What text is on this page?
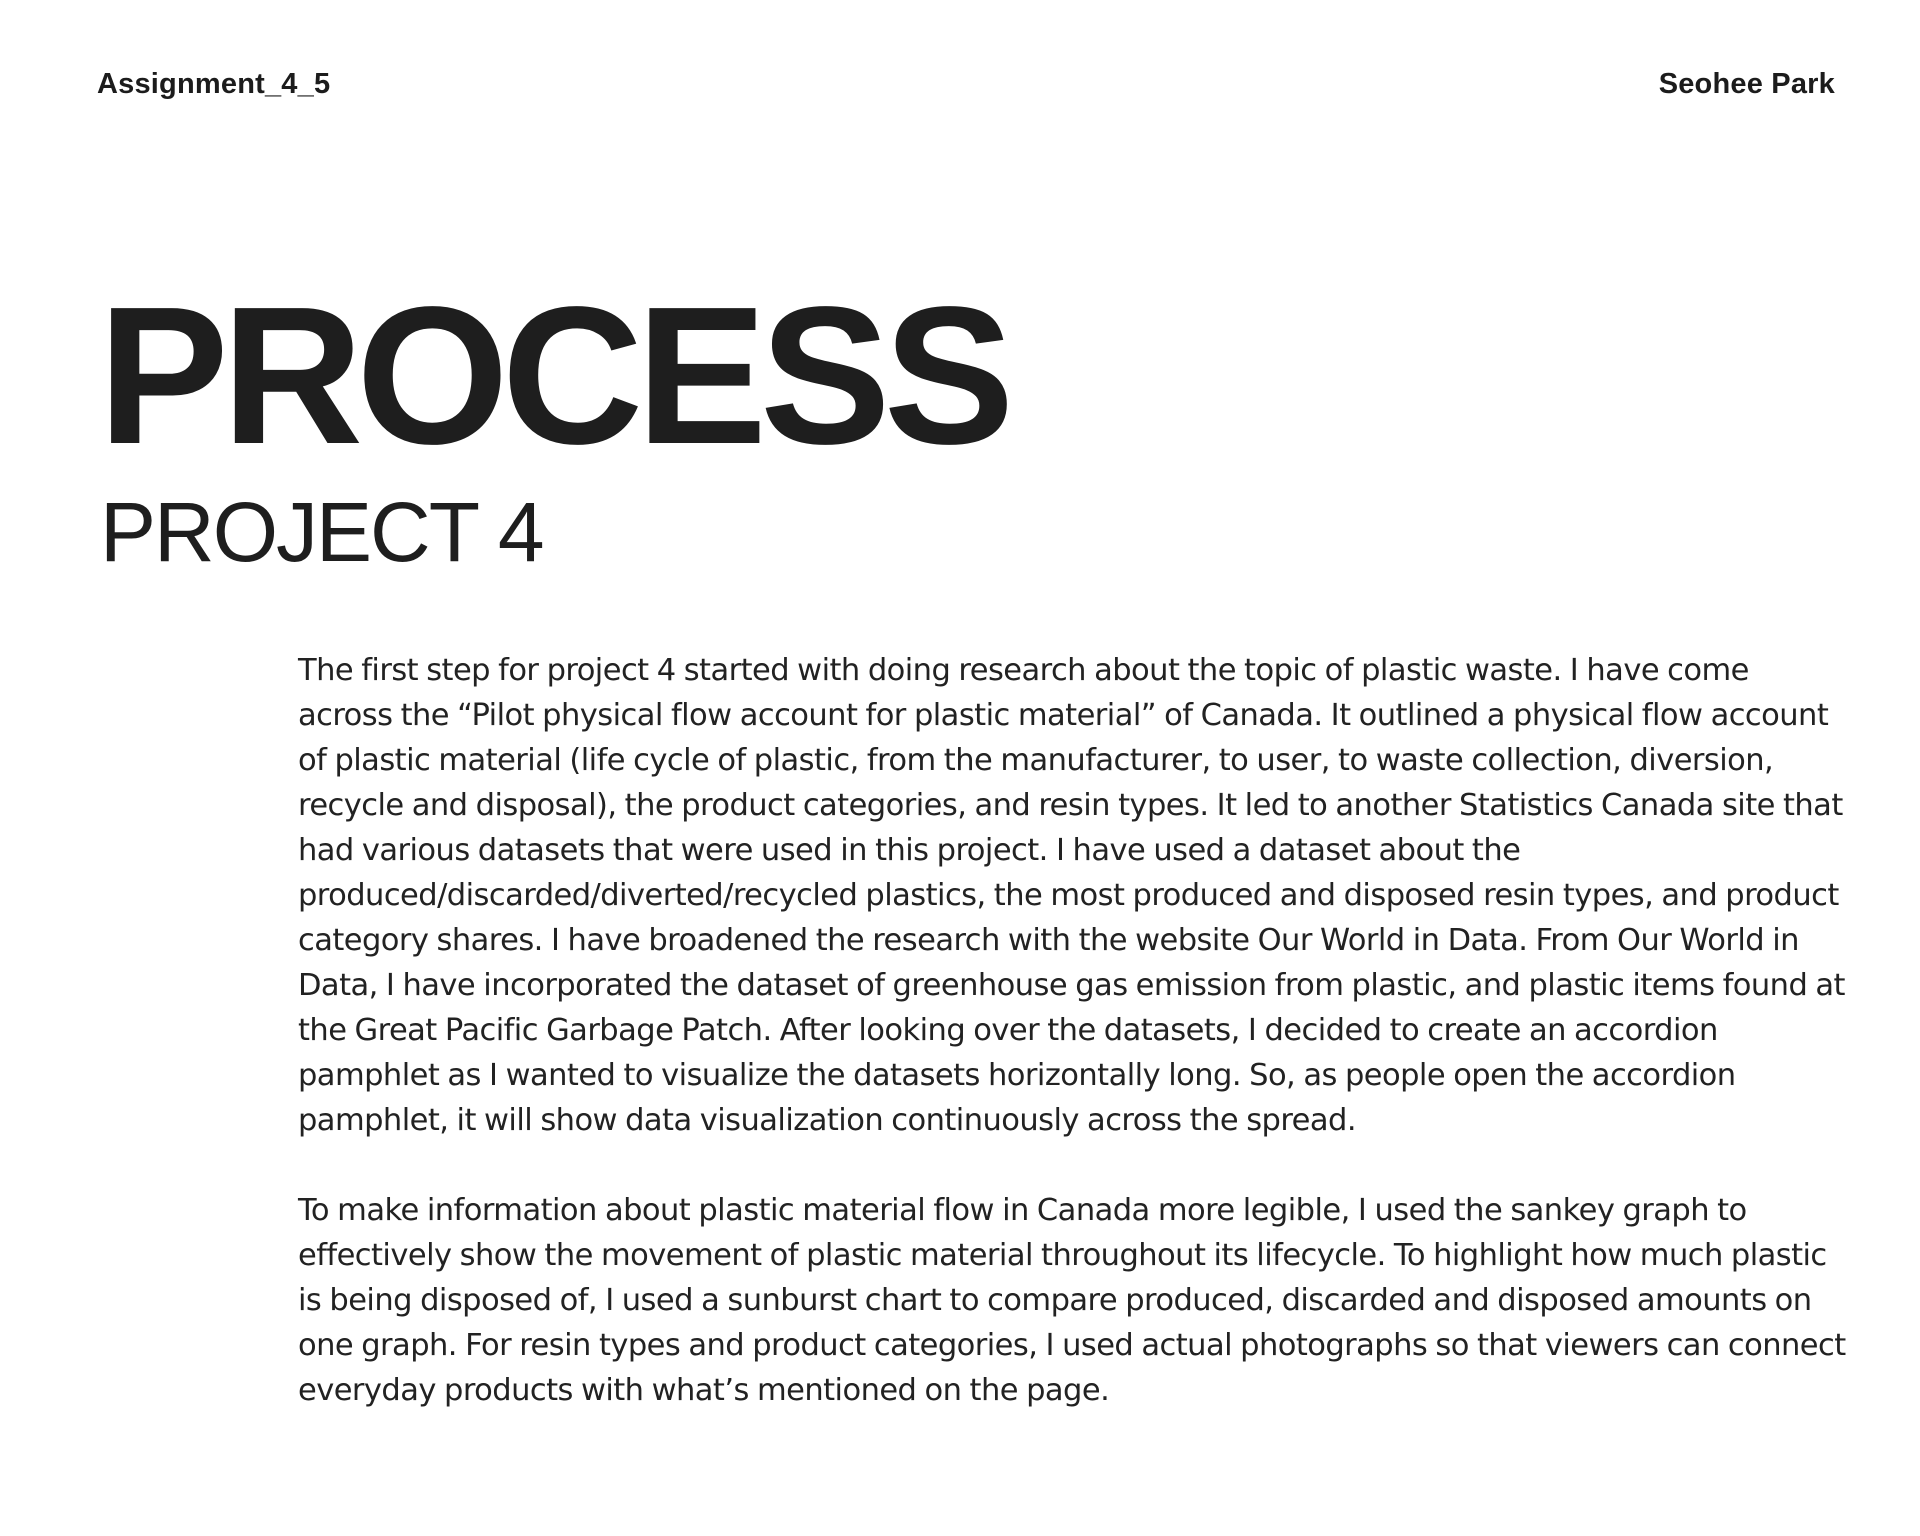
Assignment_4_5	Seohee Park
PROCESS
PROJECT 4

The first step for project 4 started with doing research about the topic of plastic waste. I have come across the “Pilot physical flow account for plastic material” of Canada. It outlined a physical flow account of plastic material (life cycle of plastic, from the manufacturer, to user, to waste collection, diversion, recycle and disposal), the product categories, and resin types. It led to another Statistics Canada site that had various datasets that were used in this project. I have used a dataset about the produced/discarded/diverted/recycled plastics, the most produced and disposed resin types, and product category shares. I have broadened the research with the website Our World in Data. From Our World in Data, I have incorporated the dataset of greenhouse gas emission from plastic, and plastic items found at the Great Pacific Garbage Patch. After looking over the datasets, I decided to create an accordion pamphlet as I wanted to visualize the datasets horizontally long. So, as people open the accordion pamphlet, it will show data visualization continuously across the spread.

To make information about plastic material flow in Canada more legible, I used the sankey graph to effectively show the movement of plastic material throughout its lifecycle. To highlight how much plastic is being disposed of, I used a sunburst chart to compare produced, discarded and disposed amounts on one graph. For resin types and product categories, I used actual photographs so that viewers can connect everyday products with what’s mentioned on the page.
